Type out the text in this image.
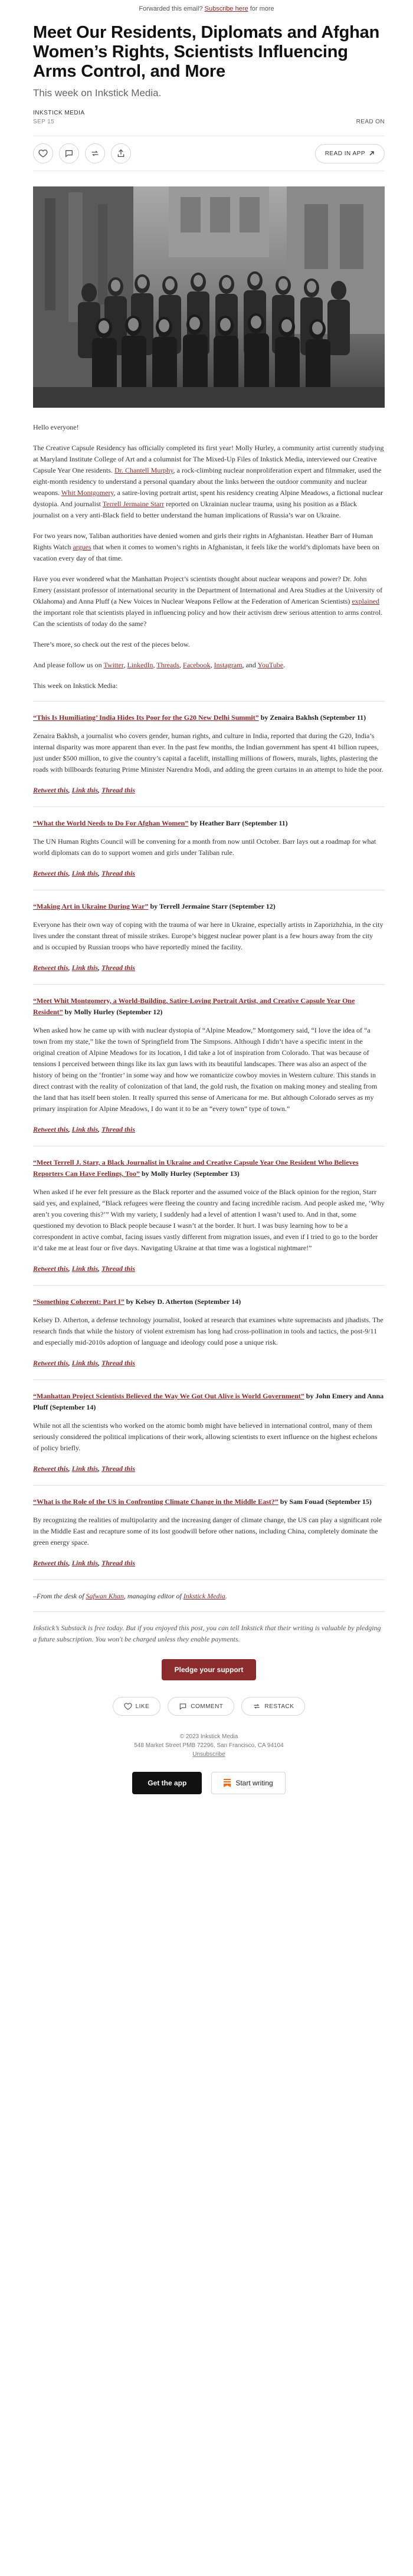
Forwarded this email? Subscribe here for more
Meet Our Residents, Diplomats and Afghan Women’s Rights, Scientists Influencing Arms Control, and More
This week on Inkstick Media.
INKSTICK MEDIA
SEP 15	READ ON
READ IN APP

Hello everyone!

The Creative Capsule Residency has officially completed its first year! Molly Hurley, a community artist currently studying at Maryland Institute College of Art and a columnist for The Mixed-Up Files of Inkstick Media, interviewed our Creative Capsule Year One residents. Dr. Chantell Murphy, a rock-climbing nuclear nonproliferation expert and filmmaker, used the eight-month residency to understand a personal quandary about the links between the outdoor community and nuclear weapons. Whit Montgomery, a satire-loving portrait artist, spent his residency creating Alpine Meadows, a fictional nuclear dystopia. And journalist Terrell Jermaine Starr reported on Ukrainian nuclear trauma, using his position as a Black journalist on a very anti-Black field to better understand the human implications of Russia’s war on Ukraine.

For two years now, Taliban authorities have denied women and girls their rights in Afghanistan. Heather Barr of Human Rights Watch argues that when it comes to women’s rights in Afghanistan, it feels like the world’s diplomats have been on vacation every day of that time.

Have you ever wondered what the Manhattan Project’s scientists thought about nuclear weapons and power? Dr. John Emery (assistant professor of international security in the Department of International and Area Studies at the University of Oklahoma) and Anna Pluff (a New Voices in Nuclear Weapons Fellow at the Federation of American Scientists) explained the important role that scientists played in influencing policy and how their activism drew serious attention to arms control. Can the scientists of today do the same?

There’s more, so check out the rest of the pieces below.

And please follow us on Twitter, LinkedIn, Threads, Facebook, Instagram, and YouTube.

This week on Inkstick Media:

“This Is Humiliating’ India Hides Its Poor for the G20 New Delhi Summit” by Zenaira Bakhsh (September 11)

Zenaira Bakhsh, a journalist who covers gender, human rights, and culture in India, reported that during the G20, India’s internal disparity was more apparent than ever. In the past few months, the Indian government has spent 41 billion rupees, just under $500 million, to give the country’s capital a facelift, installing millions of flowers, murals, lights, plastering the roads with billboards featuring Prime Minister Narendra Modi, and adding the green curtains in an attempt to hide the poor.

Retweet this, Link this, Thread this
“What the World Needs to Do For Afghan Women” by Heather Barr (September 11)

The UN Human Rights Council will be convening for a month from now until October. Barr lays out a roadmap for what world diplomats can do to support women and girls under Taliban rule.

Retweet this, Link this, Thread this
“Making Art in Ukraine During War” by Terrell Jermaine Starr (September 12)

Everyone has their own way of coping with the trauma of war here in Ukraine, especially artists in Zaporizhzhia, in the city lives under the constant threat of missile strikes. Europe’s biggest nuclear power plant is a few hours away from the city and is occupied by Russian troops who have reportedly mined the facility.

Retweet this, Link this, Thread this
“Meet Whit Montgomery, a World-Building, Satire-Loving Portrait Artist, and Creative Capsule Year One Resident” by Molly Hurley (September 12)

When asked how he came up with with nuclear dystopia of “Alpine Meadow,” Montgomery said, “I love the idea of “a town from my state,” like the town of Springfield from The Simpsons. Although I didn’t have a specific intent in the original creation of Alpine Meadows for its location, I did take a lot of inspiration from Colorado. That was because of tensions I perceived between things like its lax gun laws with its beautiful landscapes. There was also an aspect of the history of being on the ‘frontier’ in some way and how we romanticize cowboy movies in Western culture. This stands in direct contrast with the reality of colonization of that land, the gold rush, the fixation on making money and stealing from the land that has itself been stolen. It really spurred this sense of Americana for me. But although Colorado serves as my primary inspiration for Alpine Meadows, I do want it to be an “every town” type of town.”

Retweet this, Link this, Thread this
“Meet Terrell J. Starr, a Black Journalist in Ukraine and Creative Capsule Year One Resident Who Believes Reporters Can Have Feelings, Too” by Molly Hurley (September 13)

When asked if he ever felt pressure as the Black reporter and the assumed voice of the Black opinion for the region, Starr said yes, and explained, “Black refugees were fleeing the country and facing incredible racism. And people asked me, ‘Why aren’t you covering this?’” With my variety, I suddenly had a level of attention I wasn’t used to. And in that, some questioned my devotion to Black people because I wasn’t at the border. It hurt. I was busy learning how to be a correspondent in active combat, facing issues vastly different from migration issues, and even if I tried to go to the border it’d take me at least four or five days. Navigating Ukraine at that time was a logistical nightmare!”

Retweet this, Link this, Thread this
“Something Coherent: Part I” by Kelsey D. Atherton (September 14)

Kelsey D. Atherton, a defense technology journalist, looked at research that examines white supremacists and jihadists. The research finds that while the history of violent extremism has long had cross-pollination in tools and tactics, the post-9/11 and especially mid-2010s adoption of language and ideology could pose a unique risk.

Retweet this, Link this, Thread this
“Manhattan Project Scientists Believed the Way We Got Out Alive is World Government” by John Emery and Anna Pluff (September 14)

While not all the scientists who worked on the atomic bomb might have believed in international control, many of them seriously considered the political implications of their work, allowing scientists to exert influence on the highest echelons of policy briefly.

Retweet this, Link this, Thread this
“What is the Role of the US in Confronting Climate Change in the Middle East?” by Sam Fouad (September 15)

By recognizing the realities of multipolarity and the increasing danger of climate change, the US can play a significant role in the Middle East and recapture some of its lost goodwill before other nations, including China, completely dominate the green energy space.

Retweet this, Link this, Thread this

–From the desk of Safwan Khan, managing editor of Inkstick Media.

Inkstick’s Substack is free today. But if you enjoyed this post, you can tell Inkstick that their writing is valuable by pledging a future subscription. You won't be charged unless they enable payments.

Pledge your support
LIKE	COMMENT	RESTACK
© 2023 Inkstick Media
548 Market Street PMB 72296, San Francisco, CA 94104
Unsubscribe
Get the app	Start writing
